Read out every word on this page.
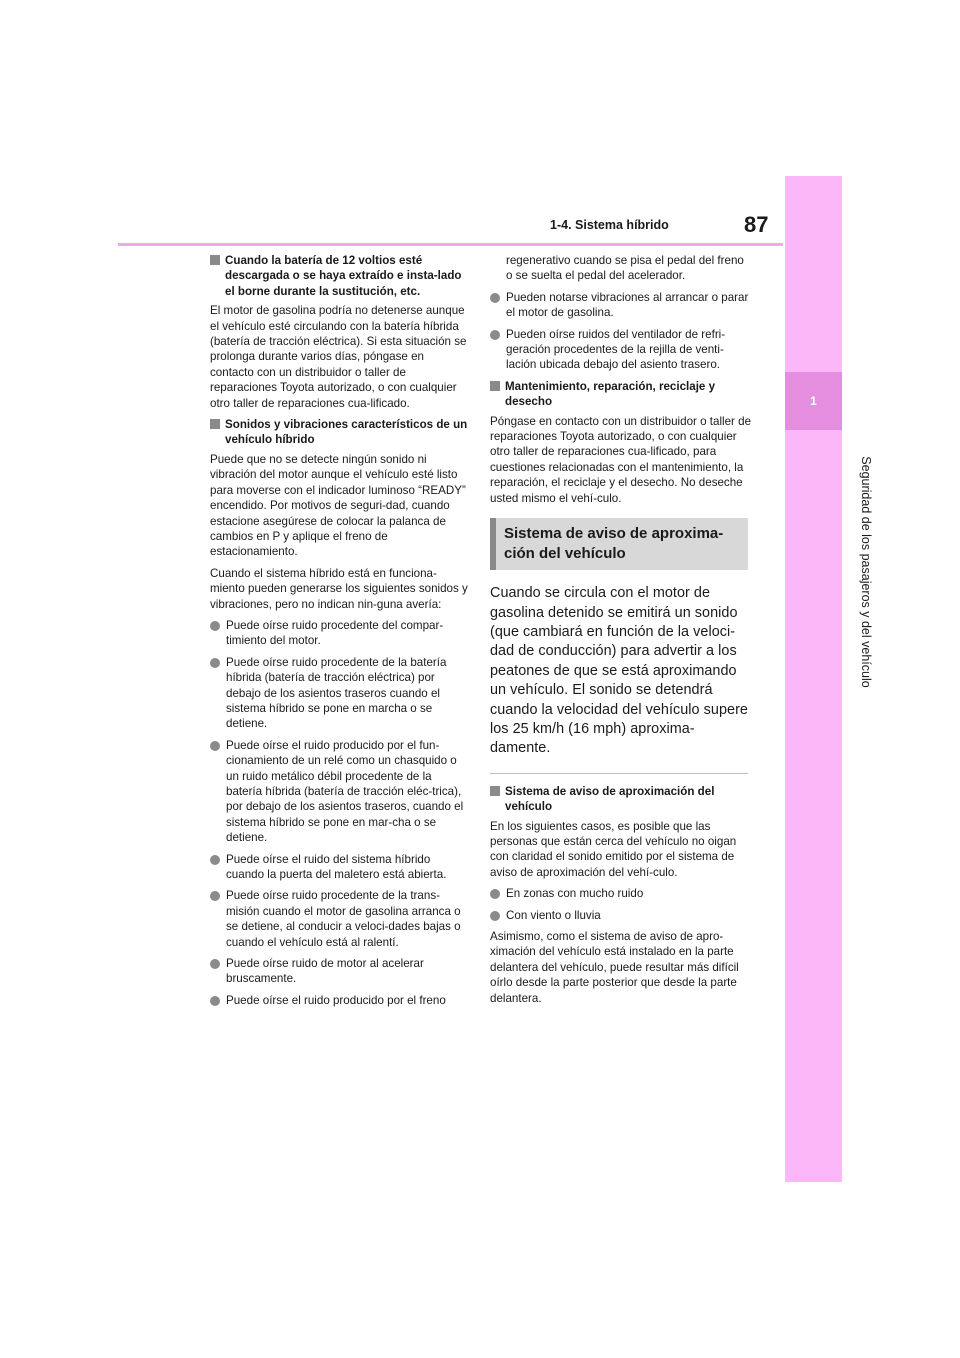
1
Seguridad de los pasajeros y del vehículo
1-4. Sistema híbrido	87
Cuando la batería de 12 voltios esté descargada o se haya extraído e insta-lado el borne durante la sustitución, etc.

El motor de gasolina podría no detenerse aunque el vehículo esté circulando con la batería híbrida (batería de tracción eléctrica). Si esta situación se prolonga durante varios días, póngase en contacto con un distribuidor o taller de reparaciones Toyota autorizado, o con cualquier otro taller de reparaciones cua-lificado.

Sonidos y vibraciones característicos de un vehículo híbrido

Puede que no se detecte ningún sonido ni vibración del motor aunque el vehículo esté listo para moverse con el indicador luminoso “READY” encendido. Por motivos de seguri-dad, cuando estacione asegúrese de colocar la palanca de cambios en P y aplique el freno de estacionamiento.

Cuando el sistema híbrido está en funciona-miento pueden generarse los siguientes sonidos y vibraciones, pero no indican nin-guna avería:

Puede oírse ruido procedente del compar-timiento del motor.
Puede oírse ruido procedente de la batería híbrida (batería de tracción eléctrica) por debajo de los asientos traseros cuando el sistema híbrido se pone en marcha o se detiene.
Puede oírse el ruido producido por el fun-cionamiento de un relé como un chasquido o un ruido metálico débil procedente de la batería híbrida (batería de tracción eléc-trica), por debajo de los asientos traseros, cuando el sistema híbrido se pone en mar-cha o se detiene.
Puede oírse el ruido del sistema híbrido cuando la puerta del maletero está abierta.
Puede oírse ruido procedente de la trans-misión cuando el motor de gasolina arranca o se detiene, al conducir a veloci-dades bajas o cuando el vehículo está al ralentí.
Puede oírse ruido de motor al acelerar bruscamente.
Puede oírse el ruido producido por el freno

regenerativo cuando se pisa el pedal del freno o se suelta el pedal del acelerador.

Pueden notarse vibraciones al arrancar o parar el motor de gasolina.
Pueden oírse ruidos del ventilador de refri-geración procedentes de la rejilla de venti-lación ubicada debajo del asiento trasero.
Mantenimiento, reparación, reciclaje y desecho

Póngase en contacto con un distribuidor o taller de reparaciones Toyota autorizado, o con cualquier otro taller de reparaciones cua-lificado, para cuestiones relacionadas con el mantenimiento, la reparación, el reciclaje y el desecho. No deseche usted mismo el vehí-culo.

Sistema de aviso de aproxima-
ción del vehículo

Cuando se circula con el motor de gasolina detenido se emitirá un sonido (que cambiará en función de la veloci-dad de conducción) para advertir a los peatones de que se está aproximando un vehículo. El sonido se detendrá cuando la velocidad del vehículo supere los 25 km/h (16 mph) aproxima-damente.

Sistema de aviso de aproximación del vehículo

En los siguientes casos, es posible que las personas que están cerca del vehículo no oigan con claridad el sonido emitido por el sistema de aviso de aproximación del vehí-culo.

En zonas con mucho ruido
Con viento o lluvia

Asimismo, como el sistema de aviso de apro-ximación del vehículo está instalado en la parte delantera del vehículo, puede resultar más difícil oírlo desde la parte posterior que desde la parte delantera.
